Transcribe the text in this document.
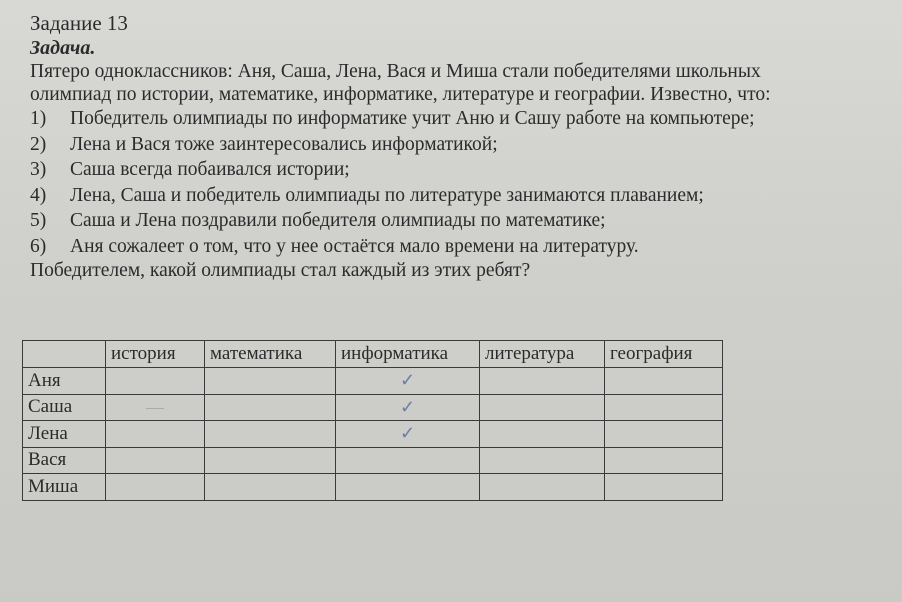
Задание 13

Задача.

Пятеро одноклассников: Аня, Саша, Лена, Вася и Миша стали победителями школьных

олимпиад по истории, математике, информатике, литературе и географии. Известно, что:

1) Победитель олимпиады по информатике учит Аню и Сашу работе на компьютере;
2) Лена и Вася тоже заинтересовались информатикой;
3) Саша всегда побаивался истории;
4) Лена, Саша и победитель олимпиады по литературе занимаются плаванием;
5) Саша и Лена поздравили победителя олимпиады по математике;
6) Аня сожалеет о том, что у нее остаётся мало времени на литературу.

Победителем, какой олимпиады стал каждый из этих ребят?

	история	математика	информатика	литература	география
Аня			✓		
Саша	—		✓		
Лена			✓		
Вася					
Миша					
